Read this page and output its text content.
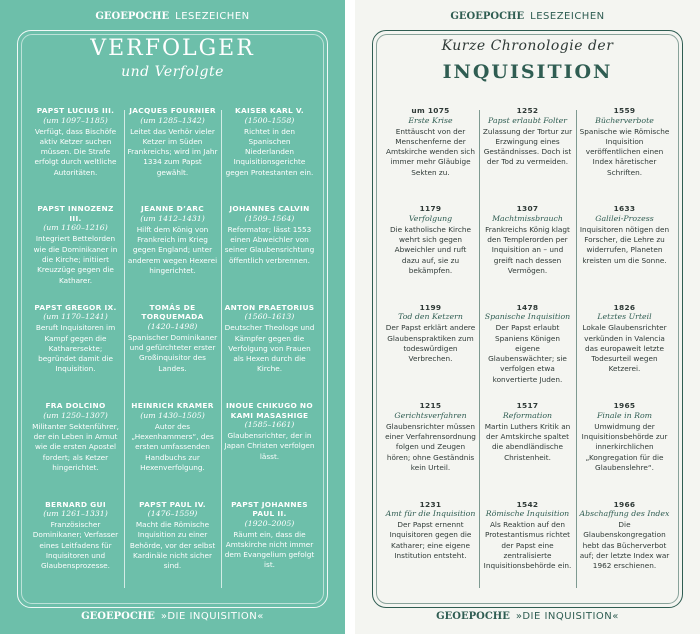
GEOEPOCHE LESEZEICHEN
VERFOLGER
und Verfolgte
PAPST LUCIUS III.
(um 1097–1185)
Verfügt, dass Bischöfe aktiv Ketzer suchen müssen. Die Strafe erfolgt durch weltliche Autoritäten.
JACQUES FOURNIER
(um 1285–1342)
Leitet das Verhör vieler Ketzer im Süden Frankreichs; wird im Jahr 1334 zum Papst gewählt.
KAISER KARL V.
(1500–1558)
Richtet in den Spanischen Niederlanden Inquisitionsgerichte gegen Protestanten ein.
PAPST INNOZENZ III.
(um 1160–1216)
Integriert Bettelorden wie die Dominikaner in die Kirche; initiiert Kreuzzüge gegen die Katharer.
JEANNE D’ARC
(um 1412–1431)
Hilft dem König von Frankreich im Krieg gegen England; unter anderem wegen Hexerei hingerichtet.
JOHANNES CALVIN
(1509–1564)
Reformator; lässt 1553 einen Abweichler von seiner Glaubensrichtung öffentlich verbrennen.
PAPST GREGOR IX.
(um 1170–1241)
Beruft Inquisitoren im Kampf gegen die Katharersekte; begründet damit die Inquisition.
TOMÁS DE TORQUEMADA
(1420–1498)
Spanischer Dominikaner und gefürchteter erster Großinquisitor des Landes.
ANTON PRAETORIUS
(1560–1613)
Deutscher Theologe und Kämpfer gegen die Verfolgung von Frauen als Hexen durch die Kirche.
FRA DOLCINO
(um 1250–1307)
Militanter Sektenführer, der ein Leben in Armut wie die ersten Apostel fordert; als Ketzer hingerichtet.
HEINRICH KRAMER
(um 1430–1505)
Autor des „Hexenhammers“, des ersten umfassenden Handbuchs zur Hexenverfolgung.
INOUE CHIKUGO NO KAMI MASASHIGE
(1585–1661)
Glaubensrichter, der in Japan Christen verfolgen lässt.
BERNARD GUI
(um 1261–1331)
Französischer Dominikaner; Verfasser eines Leitfadens für Inquisitoren und Glaubensprozesse.
PAPST PAUL IV.
(1476–1559)
Macht die Römische Inquisition zu einer Behörde, vor der selbst Kardinäle nicht sicher sind.
PAPST JOHANNES PAUL II.
(1920–2005)
Räumt ein, dass die Amtskirche nicht immer dem Evangelium gefolgt ist.
GEOEPOCHE »DIE INQUISITION«
GEOEPOCHE LESEZEICHEN
Kurze Chronologie der
INQUISITION
um 1075
Erste Krise
Enttäuscht von der Menschenferne der Amtskirche wenden sich immer mehr Gläubige Sekten zu.
1252
Papst erlaubt Folter
Zulassung der Tortur zur Erzwingung eines Geständnisses. Doch ist der Tod zu vermeiden.
1559
Bücherverbote
Spanische wie Römische Inquisition veröffentlichen einen Index häretischer Schriften.
1179
Verfolgung
Die katholische Kirche wehrt sich gegen Abweichler und ruft dazu auf, sie zu bekämpfen.
1307
Machtmissbrauch
Frankreichs König klagt den Templerorden per Inquisition an – und greift nach dessen Vermögen.
1633
Galilei-Prozess
Inquisitoren nötigen den Forscher, die Lehre zu widerrufen, Planeten kreisten um die Sonne.
1199
Tod den Ketzern
Der Papst erklärt andere Glaubenspraktiken zum todeswürdigen Verbrechen.
1478
Spanische Inquisition
Der Papst erlaubt Spaniens Königen eigene Glaubenswächter; sie verfolgen etwa konvertierte Juden.
1826
Letztes Urteil
Lokale Glaubensrichter verkünden in Valencia das europaweit letzte Todesurteil wegen Ketzerei.
1215
Gerichtsverfahren
Glaubensrichter müssen einer Verfahrensordnung folgen und Zeugen hören; ohne Geständnis kein Urteil.
1517
Reformation
Martin Luthers Kritik an der Amtskirche spaltet die abendländische Christenheit.
1965
Finale in Rom
Umwidmung der Inquisitionsbehörde zur innerkirchlichen „Kongregation für die Glaubenslehre“.
1231
Amt für die Inquisition
Der Papst ernennt Inquisitoren gegen die Katharer; eine eigene Institution entsteht.
1542
Römische Inquisition
Als Reaktion auf den Protestantismus richtet der Papst eine zentralisierte Inquisitionsbehörde ein.
1966
Abschaffung des Index
Die Glaubenskongregation hebt das Bücherverbot auf; der letzte Index war 1962 erschienen.
GEOEPOCHE »DIE INQUISITION«
